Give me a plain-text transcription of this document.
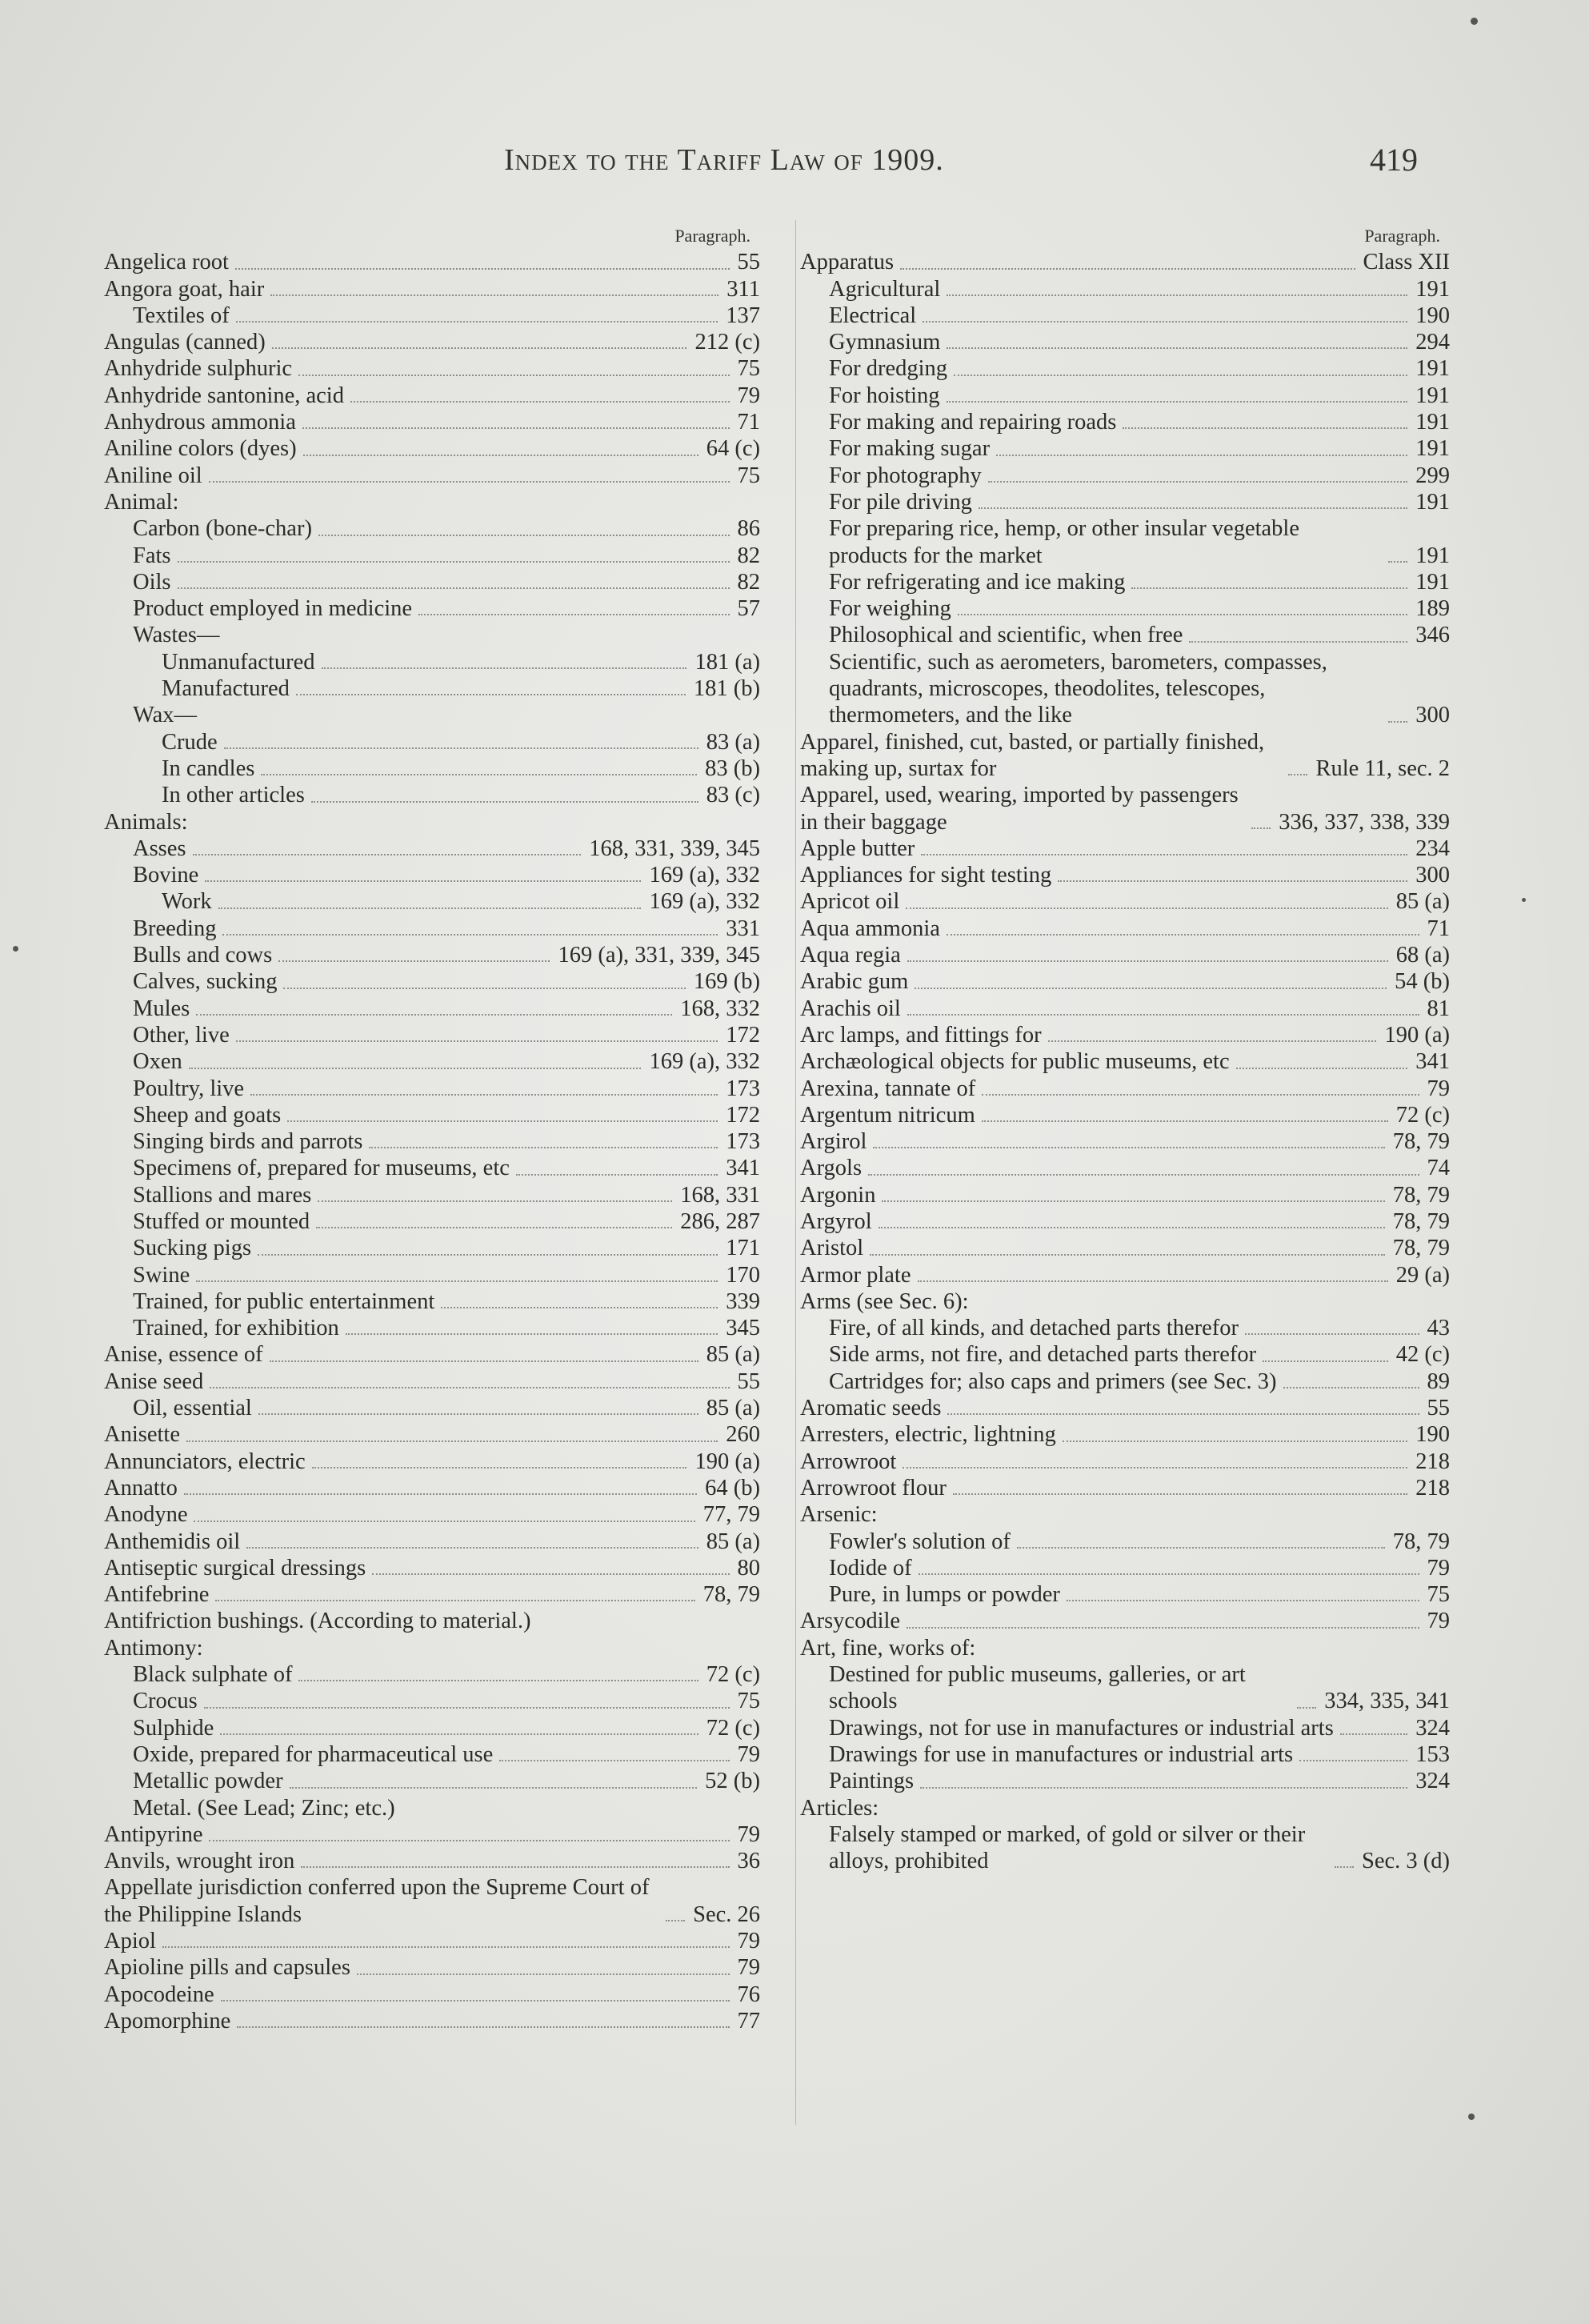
Index to the Tariff Law of 1909.	419
Paragraph.
Angelica root	55
Angora goat, hair	311
Textiles of	137
Angulas (canned)	212 (c)
Anhydride sulphuric	75
Anhydride santonine, acid	79
Anhydrous ammonia	71
Aniline colors (dyes)	64 (c)
Aniline oil	75
Animal:
Carbon (bone-char)	86
Fats	82
Oils	82
Product employed in medicine	57
Wastes—
Unmanufactured	181 (a)
Manufactured	181 (b)
Wax—
Crude	83 (a)
In candles	83 (b)
In other articles	83 (c)
Animals:
Asses	168, 331, 339, 345
Bovine	169 (a), 332
Work	169 (a), 332
Breeding	331
Bulls and cows	169 (a), 331, 339, 345
Calves, sucking	169 (b)
Mules	168, 332
Other, live	172
Oxen	169 (a), 332
Poultry, live	173
Sheep and goats	172
Singing birds and parrots	173
Specimens of, prepared for museums, etc	341
Stallions and mares	168, 331
Stuffed or mounted	286, 287
Sucking pigs	171
Swine	170
Trained, for public entertainment	339
Trained, for exhibition	345
Anise, essence of	85 (a)
Anise seed	55
Oil, essential	85 (a)
Anisette	260
Annunciators, electric	190 (a)
Annatto	64 (b)
Anodyne	77, 79
Anthemidis oil	85 (a)
Antiseptic surgical dressings	80
Antifebrine	78, 79
Antifriction bushings. (According to material.)
Antimony:
Black sulphate of	72 (c)
Crocus	75
Sulphide	72 (c)
Oxide, prepared for pharmaceutical use	79
Metallic powder	52 (b)
Metal. (See Lead; Zinc; etc.)
Antipyrine	79
Anvils, wrought iron	36
Appellate jurisdiction conferred upon the Supreme Court of the Philippine Islands	Sec. 26
Apiol	79
Apioline pills and capsules	79
Apocodeine	76
Apomorphine	77
Paragraph.
Apparatus	Class XII
Agricultural	191
Electrical	190
Gymnasium	294
For dredging	191
For hoisting	191
For making and repairing roads	191
For making sugar	191
For photography	299
For pile driving	191
For preparing rice, hemp, or other insular vegetable products for the market	191
For refrigerating and ice making	191
For weighing	189
Philosophical and scientific, when free	346
Scientific, such as aerometers, barometers, compasses, quadrants, microscopes, theodolites, telescopes, thermometers, and the like	300
Apparel, finished, cut, basted, or partially finished, making up, surtax for	Rule 11, sec. 2
Apparel, used, wearing, imported by passengers in their baggage	336, 337, 338, 339
Apple butter	234
Appliances for sight testing	300
Apricot oil	85 (a)
Aqua ammonia	71
Aqua regia	68 (a)
Arabic gum	54 (b)
Arachis oil	81
Arc lamps, and fittings for	190 (a)
Archæological objects for public museums, etc	341
Arexina, tannate of	79
Argentum nitricum	72 (c)
Argirol	78, 79
Argols	74
Argonin	78, 79
Argyrol	78, 79
Aristol	78, 79
Armor plate	29 (a)
Arms (see Sec. 6):
Fire, of all kinds, and detached parts therefor	43
Side arms, not fire, and detached parts therefor	42 (c)
Cartridges for; also caps and primers (see Sec. 3)	89
Aromatic seeds	55
Arresters, electric, lightning	190
Arrowroot	218
Arrowroot flour	218
Arsenic:
Fowler's solution of	78, 79
Iodide of	79
Pure, in lumps or powder	75
Arsycodile	79
Art, fine, works of:
Destined for public museums, galleries, or art schools	334, 335, 341
Drawings, not for use in manufactures or industrial arts	324
Drawings for use in manufactures or industrial arts	153
Paintings	324
Articles:
Falsely stamped or marked, of gold or silver or their alloys, prohibited	Sec. 3 (d)
